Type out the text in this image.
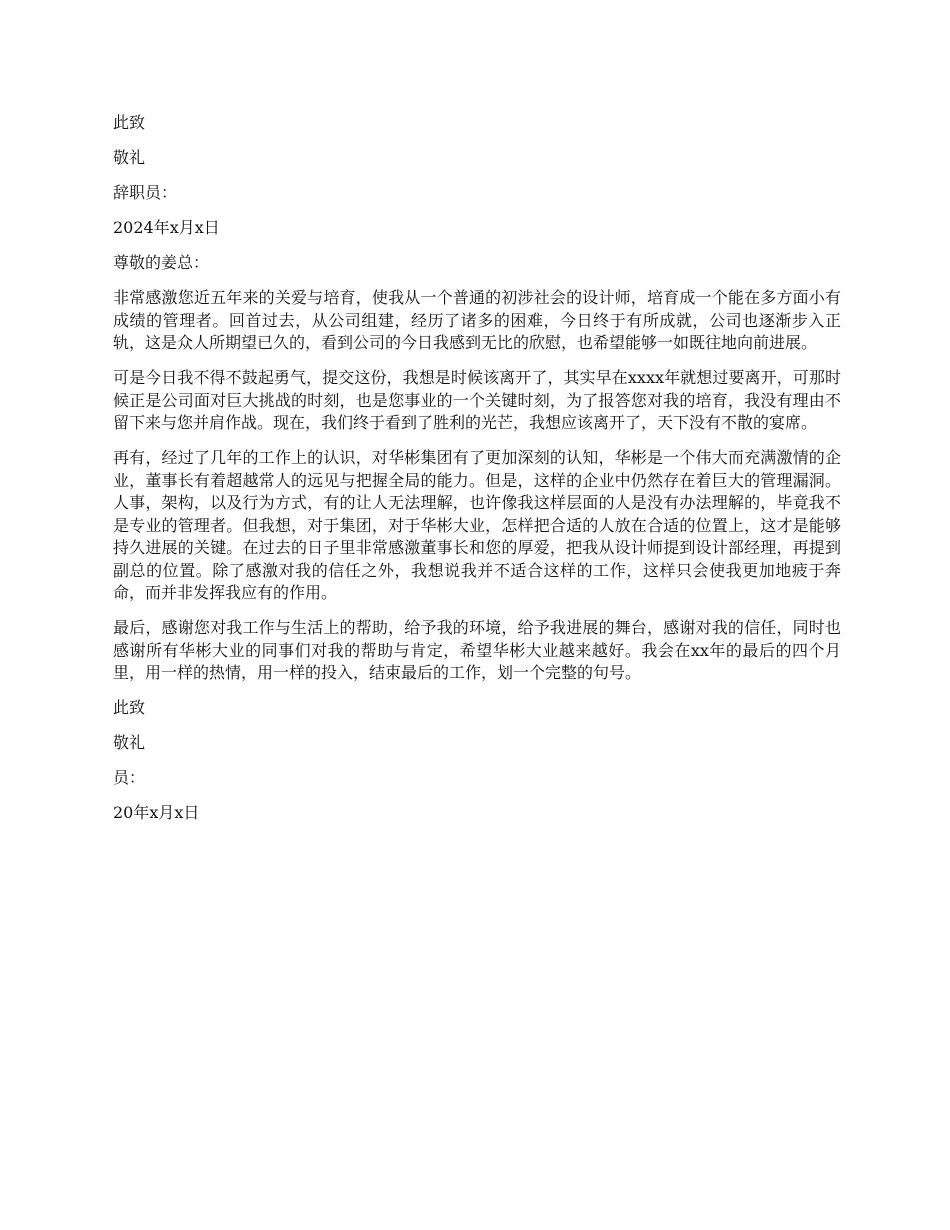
此致

敬礼

辞职员：

2024年x月x日

尊敬的姜总：

非常感激您近五年来的关爱与培育，使我从一个普通的初涉社会的设计师，培育成一个能在多方面小有成绩的管理者。回首过去，从公司组建，经历了诸多的困难，今日终于有所成就，公司也逐渐步入正轨，这是众人所期望已久的，看到公司的今日我感到无比的欣慰，也希望能够一如既往地向前进展。

可是今日我不得不鼓起勇气，提交这份，我想是时候该离开了，其实早在xxxx年就想过要离开，可那时候正是公司面对巨大挑战的时刻，也是您事业的一个关键时刻，为了报答您对我的培育，我没有理由不留下来与您并肩作战。现在，我们终于看到了胜利的光芒，我想应该离开了，天下没有不散的宴席。

再有，经过了几年的工作上的认识，对华彬集团有了更加深刻的认知，华彬是一个伟大而充满激情的企业，董事长有着超越常人的远见与把握全局的能力。但是，这样的企业中仍然存在着巨大的管理漏洞。人事，架构，以及行为方式，有的让人无法理解，也许像我这样层面的人是没有办法理解的，毕竟我不是专业的管理者。但我想，对于集团，对于华彬大业，怎样把合适的人放在合适的位置上，这才是能够持久进展的关键。在过去的日子里非常感激董事长和您的厚爱，把我从设计师提到设计部经理，再提到副总的位置。除了感激对我的信任之外，我想说我并不适合这样的工作，这样只会使我更加地疲于奔命，而并非发挥我应有的作用。

最后，感谢您对我工作与生活上的帮助，给予我的环境，给予我进展的舞台，感谢对我的信任，同时也感谢所有华彬大业的同事们对我的帮助与肯定，希望华彬大业越来越好。我会在xx年的最后的四个月里，用一样的热情，用一样的投入，结束最后的工作，划一个完整的句号。

此致

敬礼

员：

20年x月x日
